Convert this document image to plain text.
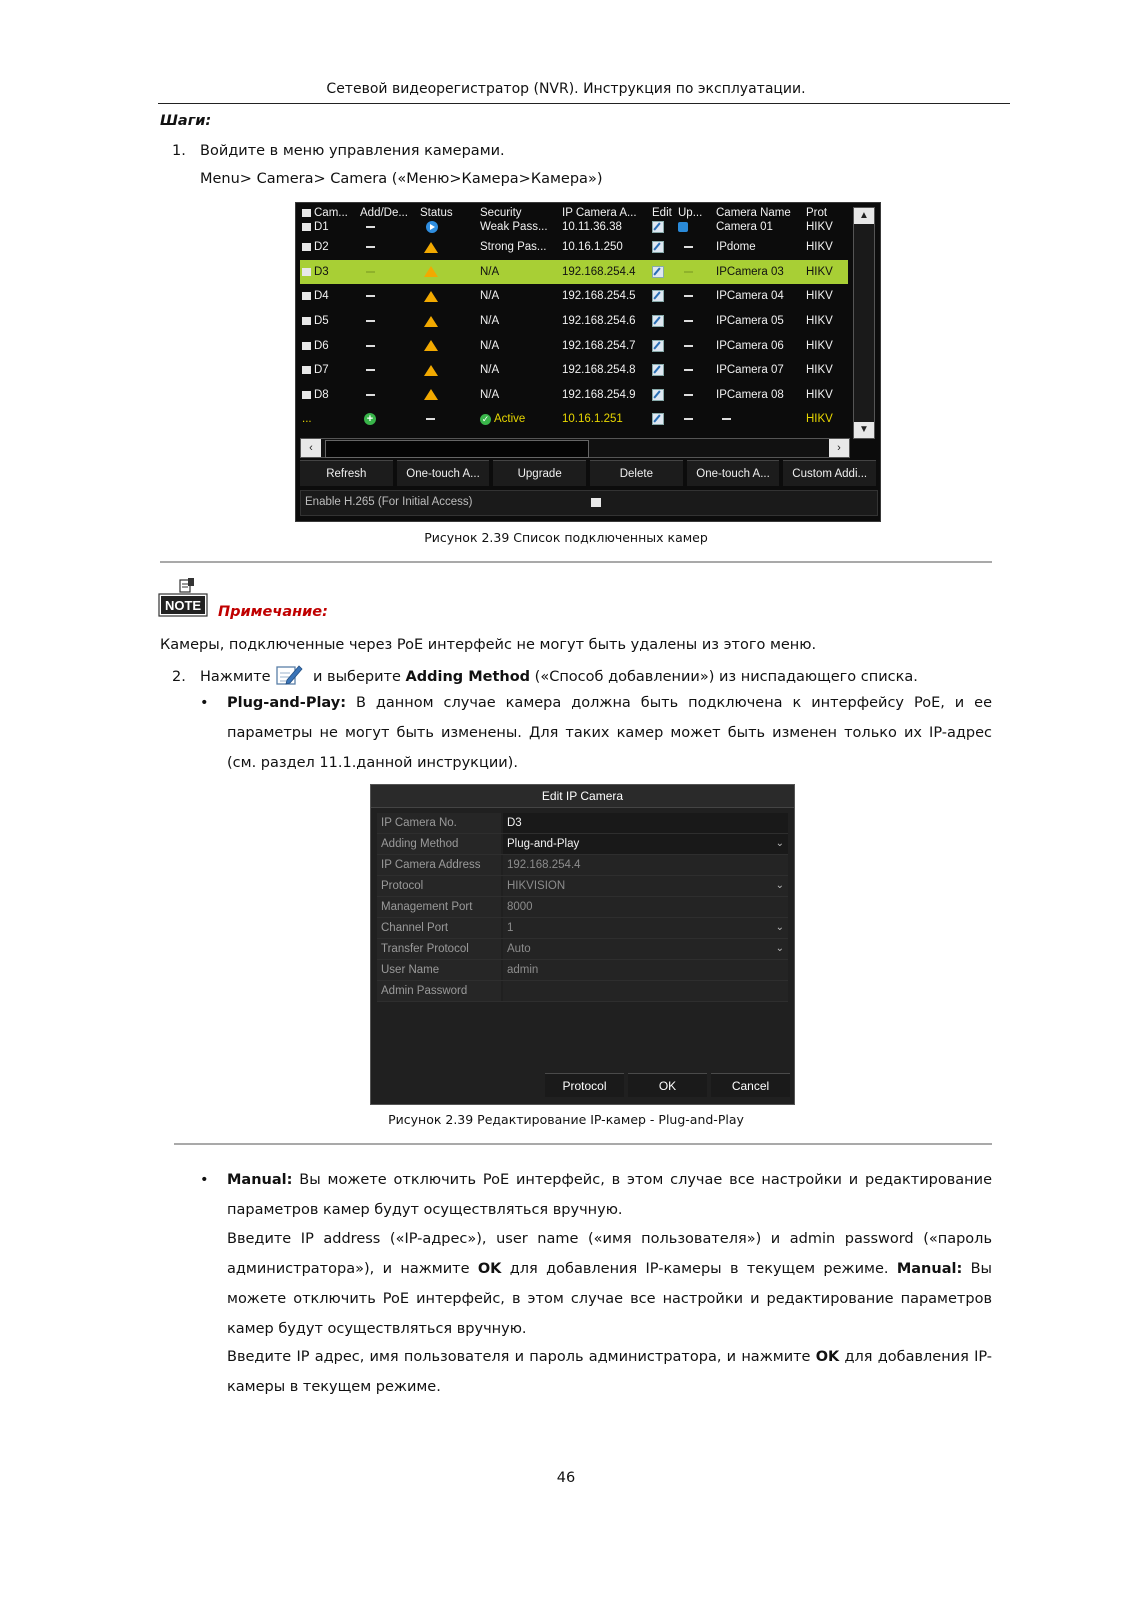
Сетевой видеорегистратор (NVR). Инструкция по эксплуатации.
Шаги:
1. Войдите в меню управления камерами.
Menu> Camera> Camera («Меню>Камера>Камера»)
Cam...	Add/De...	Status	Security	IP Camera A...	Edit	Up...	Camera Name	Prot
D1			Weak Pass...	10.11.36.38			Camera 01	HIKV
D2			Strong Pas...	10.16.1.250			IPdome	HIKV
D3			N/A	192.168.254.4			IPCamera 03	HIKV
D4			N/A	192.168.254.5			IPCamera 04	HIKV
D5			N/A	192.168.254.6			IPCamera 05	HIKV
D6			N/A	192.168.254.7			IPCamera 06	HIKV
D7			N/A	192.168.254.8			IPCamera 07	HIKV
D8			N/A	192.168.254.9			IPCamera 08	HIKV
...	+		✓ Active	10.16.1.251				HIKV
▲
▼
‹	›
Refresh	One-touch A...	Upgrade	Delete	One-touch A...	Custom Addi...
Enable H.265 (For Initial Access)
Рисунок 2.39 Список подключенных камер
NOTE Примечание:
Камеры, подключенные через PoE интерфейс не могут быть удалены из этого меню.
2. Нажмите	и выберите Adding Method («Способ добавлении») из ниспадающего списка.
• Plug-and-Play: В данном случае камера должна быть подключена к интерфейсу PoE, и ее параметры не могут быть изменены. Для таких камер может быть изменен только их IP-адрес (см. раздел 11.1.данной инструкции).
Edit IP Camera
IP Camera No.	D3
Adding Method	Plug-and-Play	⌄
IP Camera Address	192.168.254.4
Protocol	HIKVISION	⌄
Management Port	8000
Channel Port	1	⌄
Transfer Protocol	Auto	⌄
User Name	admin
Admin Password
Protocol	OK	Cancel
Рисунок 2.39 Редактирование IP-камер - Plug-and-Play
• Manual: Вы можете отключить PoE интерфейс, в этом случае все настройки и редактирование параметров камер будут осуществляться вручную.
Введите IP address («IP-адрес»), user name («имя пользователя») и admin password («пароль администратора»), и нажмите OK для добавления IP-камеры в текущем режиме. Manual: Вы можете отключить PoE интерфейс, в этом случае все настройки и редактирование параметров камер будут осуществляться вручную.
Введите IP адрес, имя пользователя и пароль администратора, и нажмите OK для добавления IP-камеры в текущем режиме.
46
